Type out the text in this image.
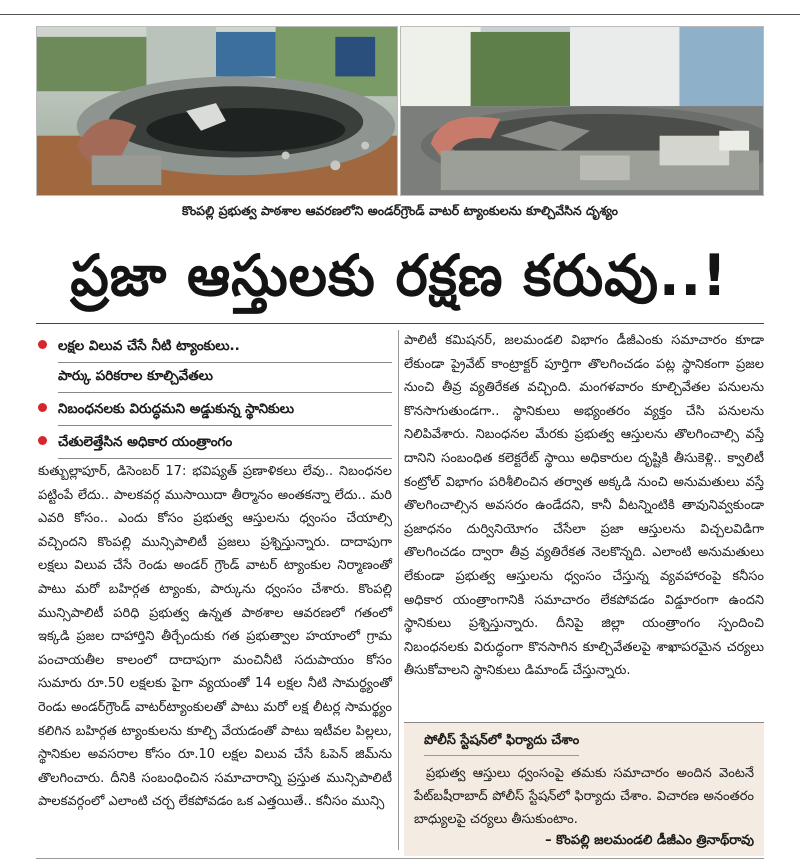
కొంపల్లి ప్రభుత్వ పాఠశాల ఆవరణలోని అండర్‌గ్రౌండ్ వాటర్ ట్యాంకులను కూల్చివేసిన దృశ్యం
ప్రజా ఆస్తులకు రక్షణ కరువు..!
లక్షల విలువ చేసే నీటి ట్యాంకులు..
పార్కు పరికరాల కూల్చివేతలు
నిబంధనలకు విరుద్ధమని అడ్డుకున్న స్థానికులు
చేతులెత్తేసిన అధికార యంత్రాంగం
కుత్బుల్లాపూర్, డిసెంబర్ 17: భవిష్యత్ ప్రణాళికలు లేవు.. నిబంధనల పట్టింపే లేదు.. పాలకవర్గ ముసాయిదా తీర్మానం అంతకన్నా లేదు.. మరి ఎవరి కోసం.. ఎందు కోసం ప్రభుత్వ ఆస్తులను ధ్వంసం చేయాల్సి వచ్చిందని కొంపల్లి మున్సిపాలిటీ ప్రజలు ప్రశ్నిస్తున్నారు. దాదాపుగా లక్షలు విలువ చేసే రెండు అండర్ గ్రౌండ్ వాటర్ ట్యాంకుల నిర్మాణంతో పాటు మరో బహిర్గత ట్యాంకు, పార్కును ధ్వంసం చేశారు. కొంపల్లి మున్సిపాలిటీ పరిధి ప్రభుత్వ ఉన్నత పాఠశాల ఆవరణలో గతంలో ఇక్కడి ప్రజల దాహార్తిని తీర్చేందుకు గత ప్రభుత్వాల హయాంలో గ్రామ పంచాయతీల కాలంలో దాదాపుగా మంచినీటి సదుపాయం కోసం సుమారు రూ.50 లక్షలకు పైగా వ్యయంతో 14 లక్షల నీటి సామర్థ్యంతో రెండు అండర్‌గ్రౌండ్ వాటర్‌ట్యాంకులతో పాటు మరో లక్ష లీటర్ల సామర్థ్యం కలిగిన బహిర్గత ట్యాంకులను కూల్చి వేయడంతో పాటు ఇటీవల పిల్లలు, స్థానికుల అవసరాల కోసం రూ.10 లక్షల విలువ చేసే ఓపెన్ జిమ్‌ను తొలగించారు. దీనికి సంబంధించిన సమాచారాన్ని ప్రస్తుత మున్సిపాలిటీ పాలకవర్గంలో ఎలాంటి చర్చ లేకపోవడం ఒక ఎత్తయితే.. కనీసం మున్సి
పాలిటీ కమిషనర్, జలమండలి విభాగం డీజీఎంకు సమాచారం కూడా లేకుండా ప్రైవేట్ కాంట్రాక్టర్ పూర్తిగా తొలగించడం పట్ల స్థానికంగా ప్రజల నుంచి తీవ్ర వ్యతిరేకత వచ్చింది. మంగళవారం కూల్చివేతల పనులను కొనసాగుతుండగా.. స్థానికులు అభ్యంతరం వ్యక్తం చేసి పనులను నిలిపివేశారు. నిబంధనల మేరకు ప్రభుత్వ ఆస్తులను తొలగించాల్సి వస్తే దానిని సంబంధిత కలెక్టరేట్ స్థాయి అధికారుల దృష్టికి తీసుకెళ్లి.. క్వాలిటీ కంట్రోల్ విభాగం పరిశీలించిన తర్వాత అక్కడి నుంచి అనుమతులు వస్తే తొలగించాల్సిన అవసరం ఉండేదని, కానీ వీటన్నింటికి తావునివ్వకుండా ప్రజాధనం దుర్వినియోగం చేసేలా ప్రజా ఆస్తులను విచ్చలవిడిగా తొలగించడం ద్వారా తీవ్ర వ్యతిరేకత నెలకొన్నది. ఎలాంటి అనుమతులు లేకుండా ప్రభుత్వ ఆస్తులను ధ్వంసం చేస్తున్న వ్యవహారంపై కనీసం అధికార యంత్రాంగానికి సమాచారం లేకపోవడం విడ్డూరంగా ఉందని స్థానికులు ప్రశ్నిస్తున్నారు. దీనిపై జిల్లా యంత్రాంగం స్పందించి నిబంధనలకు విరుద్ధంగా కొనసాగిన కూల్చివేతలపై శాఖాపరమైన చర్యలు తీసుకోవాలని స్థానికులు డిమాండ్ చేస్తున్నారు.
పోలీస్ స్టేషన్‌లో ఫిర్యాదు చేశాం
ప్రభుత్వ ఆస్తులు ధ్వంసంపై తమకు సమాచారం అందిన వెంటనే పేట్‌బషీరాబాద్ పోలీస్ స్టేషన్‌లో ఫిర్యాదు చేశాం. విచారణ అనంతరం బాధ్యులపై చర్యలు తీసుకుంటాం.
– కొంపల్లి జలమండలి డీజీఎం త్రినాథ్‌రావు
